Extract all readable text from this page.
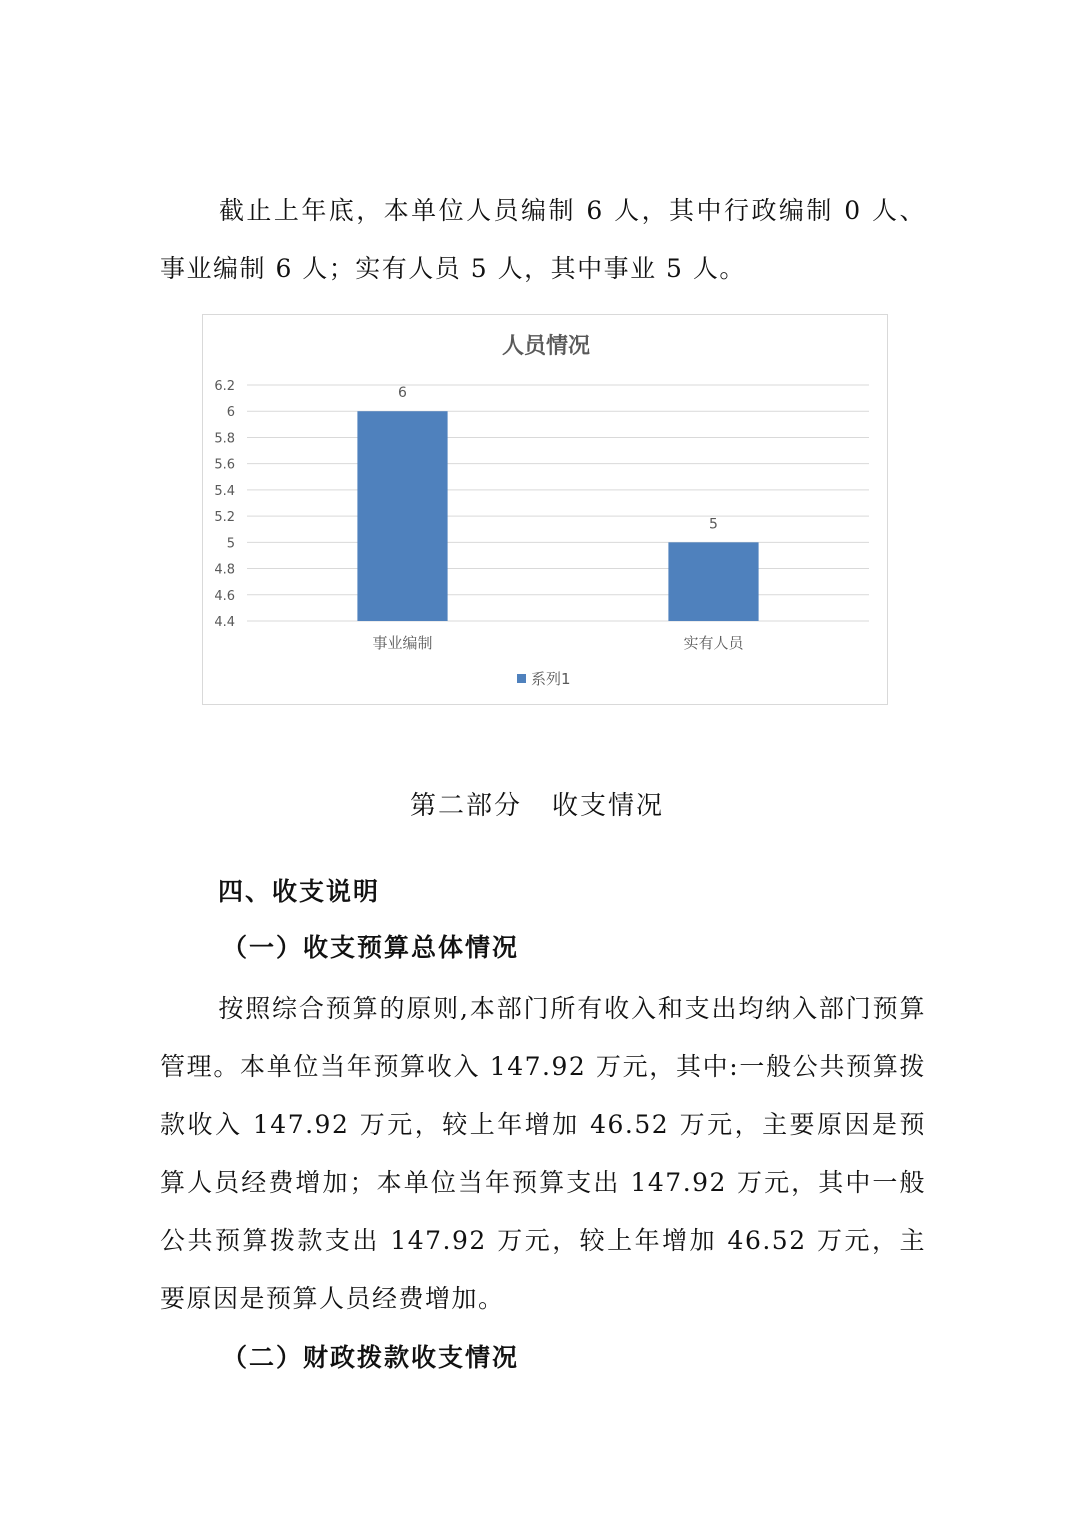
截止上年底，本单位人员编制 6 人，其中行政编制 0 人、事业编制 6 人；实有人员 5 人，其中事业 5 人。

人员情况
4.4
4.6
4.8
5
5.2
5.4
5.6
5.8
6
6.2	6
5
事业编制	实有人员
系列1
第二部分 收支情况

四、收支说明

（一）收支预算总体情况

按照综合预算的原则,本部门所有收入和支出均纳入部门预算管理。本单位当年预算收入 147.92 万元，其中:一般公共预算拨款收入 147.92 万元，较上年增加 46.52 万元，主要原因是预算人员经费增加；本单位当年预算支出 147.92 万元，其中一般公共预算拨款支出 147.92 万元，较上年增加 46.52 万元，主要原因是预算人员经费增加。

（二）财政拨款收支情况
